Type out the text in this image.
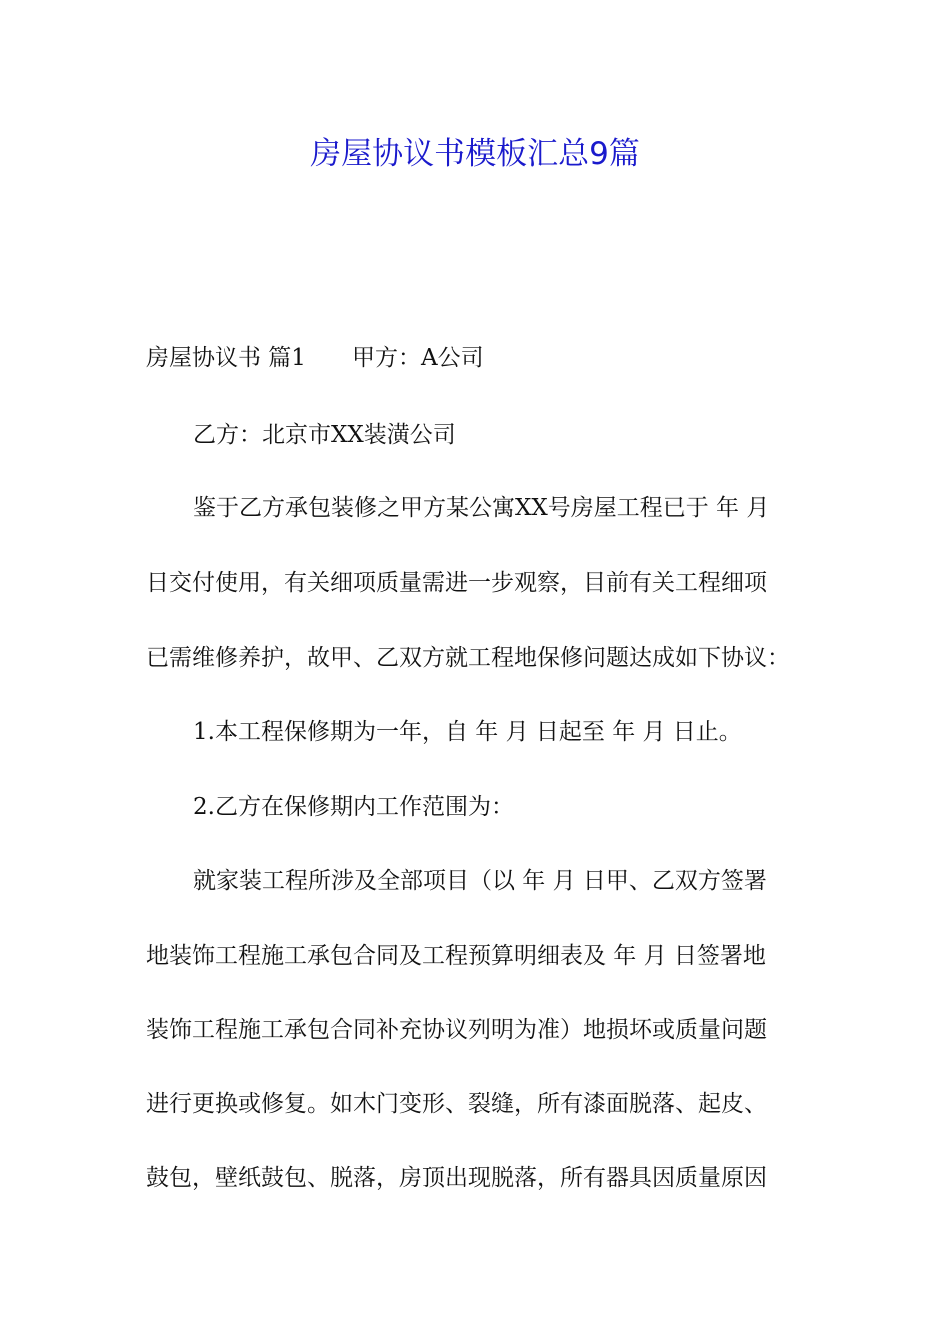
房屋协议书模板汇总9篇

房屋协议书 篇1 甲方：A公司

乙方：北京市XX装潢公司

鉴于乙方承包装修之甲方某公寓XX号房屋工程已于 年 月

日交付使用，有关细项质量需进一步观察，目前有关工程细项

已需维修养护，故甲、乙双方就工程地保修问题达成如下协议：

1.本工程保修期为一年，自 年 月 日起至 年 月 日止。

2.乙方在保修期内工作范围为：

就家装工程所涉及全部项目（以 年 月 日甲、乙双方签署

地装饰工程施工承包合同及工程预算明细表及 年 月 日签署地

装饰工程施工承包合同补充协议列明为准）地损坏或质量问题

进行更换或修复。如木门变形、裂缝，所有漆面脱落、起皮、

鼓包，壁纸鼓包、脱落，房顶出现脱落，所有器具因质量原因
